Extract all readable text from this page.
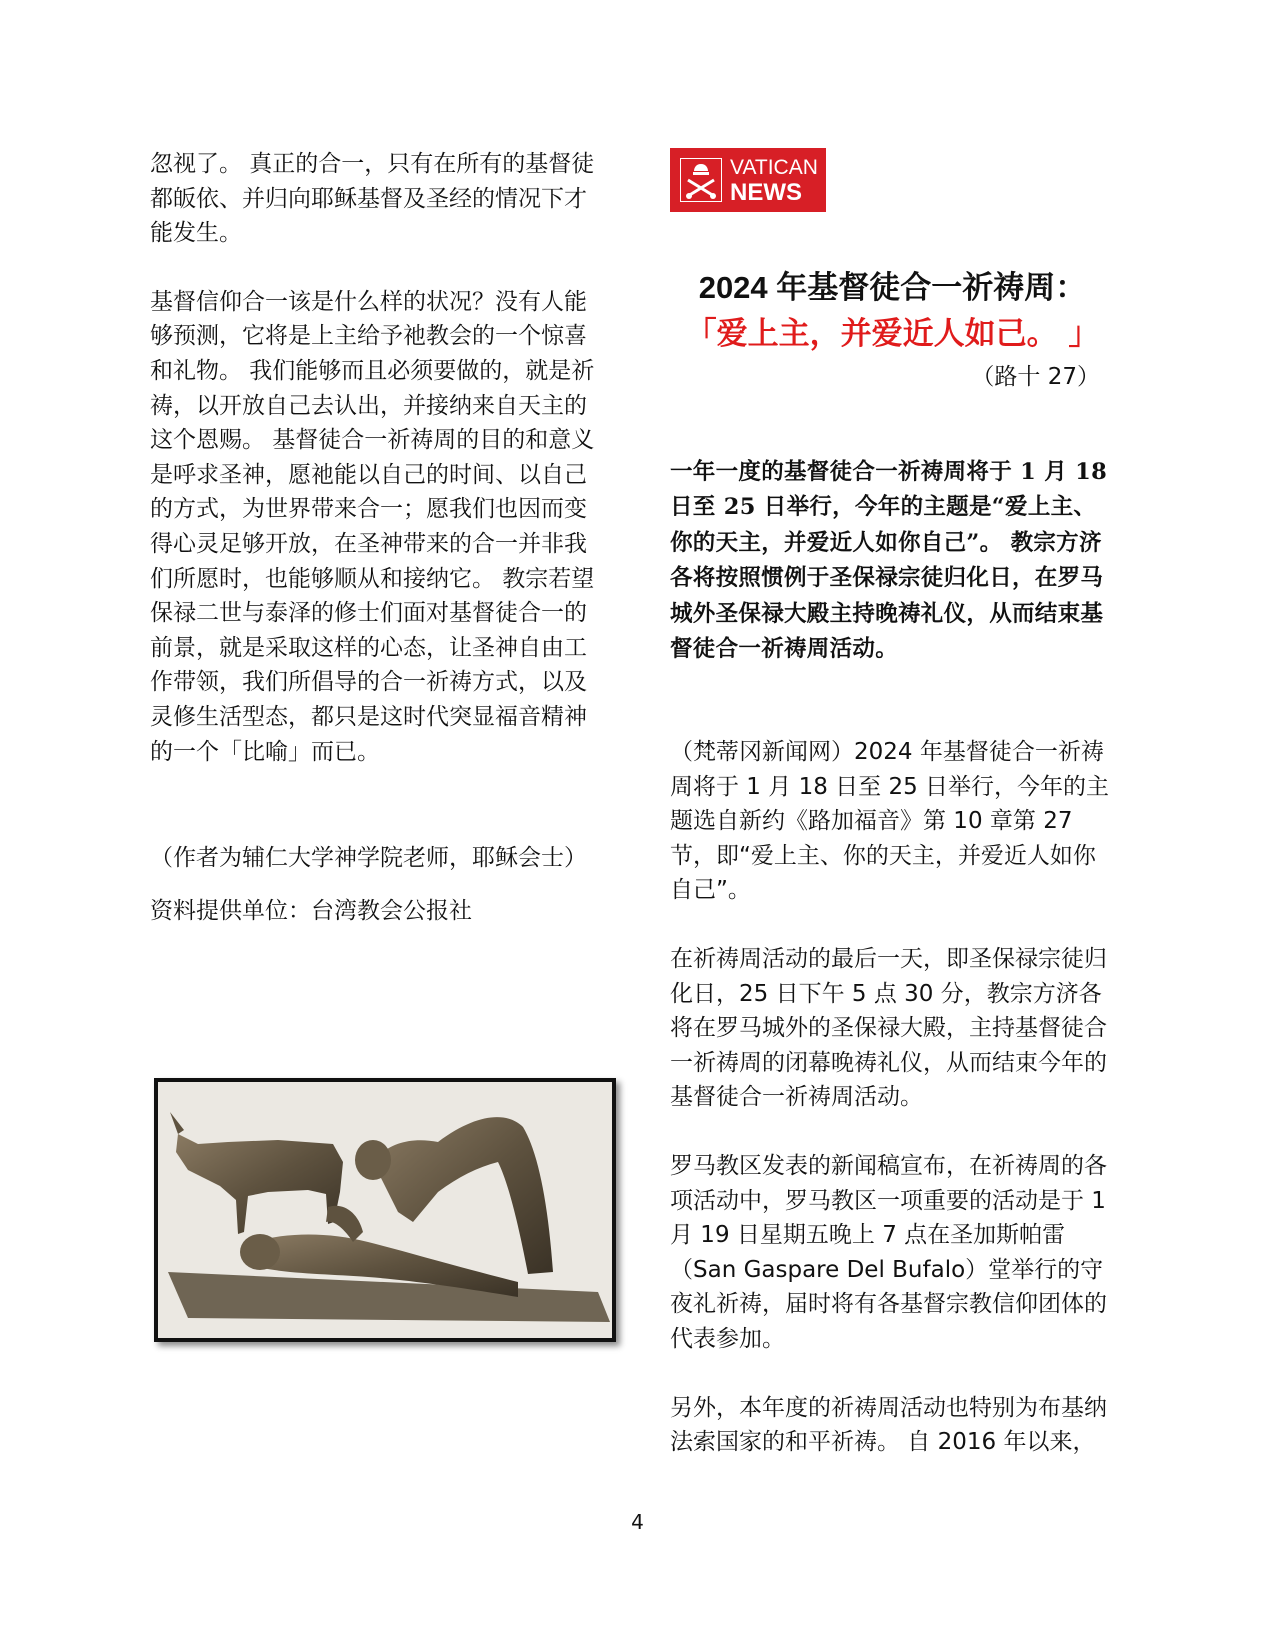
忽视了。 真正的合一，只有在所有的基督徒都皈依、并归向耶稣基督及圣经的情况下才能发生。

基督信仰合一该是什么样的状况？没有人能够预测，它将是上主给予祂教会的一个惊喜和礼物。 我们能够而且必须要做的，就是祈祷，以开放自己去认出，并接纳来自天主的这个恩赐。 基督徒合一祈祷周的目的和意义是呼求圣神，愿祂能以自己的时间、以自己的方式，为世界带来合一；愿我们也因而变得心灵足够开放，在圣神带来的合一并非我们所愿时，也能够顺从和接纳它。 教宗若望保禄二世与泰泽的修士们面对基督徒合一的前景，就是采取这样的心态，让圣神自由工作带领，我们所倡导的合一祈祷方式，以及灵修生活型态，都只是这时代突显福音精神的一个「比喻」而已。

（作者为辅仁大学神学院老师，耶稣会士）

资料提供单位：台湾教会公报社

VATICAN
NEWS
2024 年基督徒合一祈祷周：
「爱上主，并爱近人如己。 」
（路十 27）
一年一度的基督徒合一祈祷周将于 1 月 18 日至 25 日举行，今年的主题是“爱上主、你的天主，并爱近人如你自己”。 教宗方济各将按照惯例于圣保禄宗徒归化日，在罗马城外圣保禄大殿主持晚祷礼仪，从而结束基督徒合一祈祷周活动。

（梵蒂冈新闻网）2024 年基督徒合一祈祷周将于 1 月 18 日至 25 日举行，今年的主题选自新约《路加福音》第 10 章第 27 节，即“爱上主、你的天主，并爱近人如你自己”。

在祈祷周活动的最后一天，即圣保禄宗徒归化日，25 日下午 5 点 30 分，教宗方济各将在罗马城外的圣保禄大殿，主持基督徒合一祈祷周的闭幕晚祷礼仪，从而结束今年的基督徒合一祈祷周活动。

罗马教区发表的新闻稿宣布，在祈祷周的各项活动中，罗马教区一项重要的活动是于 1 月 19 日星期五晚上 7 点在圣加斯帕雷（San Gaspare Del Bufalo）堂举行的守夜礼祈祷，届时将有各基督宗教信仰团体的代表参加。

另外，本年度的祈祷周活动也特别为布基纳法索国家的和平祈祷。 自 2016 年以来，

4
